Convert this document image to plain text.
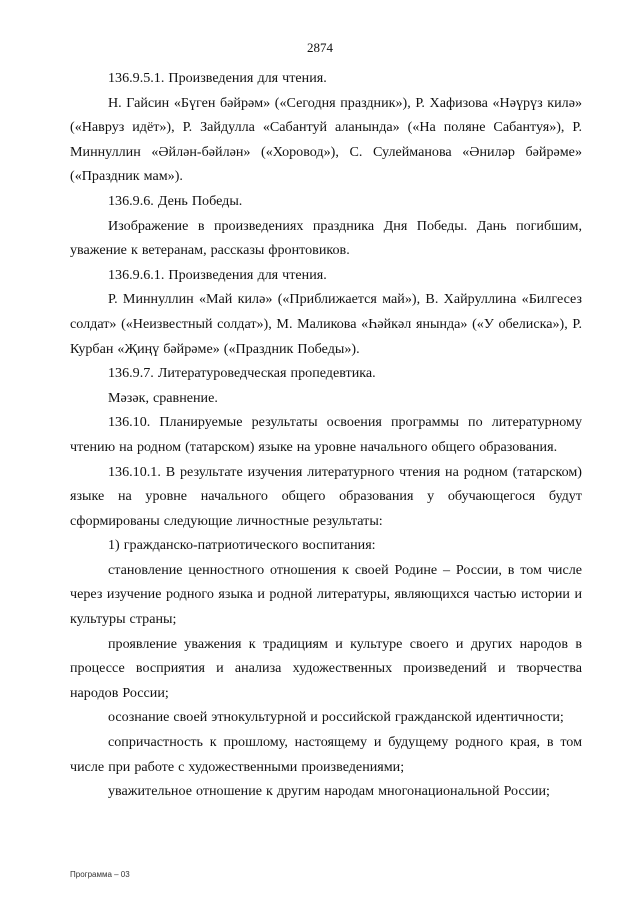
2874

136.9.5.1. Произведения для чтения.

Н. Гайсин «Бүген бәйрәм» («Сегодня праздник»), Р. Хафизова «Нәүрүз килә» («Навруз идёт»), Р. Зайдулла «Сабантуй аланында» («На поляне Сабантуя»), Р. Миннуллин «Әйлән-бәйлән» («Хоровод»), С. Сулейманова «Әниләр бәйрәме» («Праздник мам»).

136.9.6. День Победы.

Изображение в произведениях праздника Дня Победы. Дань погибшим, уважение к ветеранам, рассказы фронтовиков.

136.9.6.1. Произведения для чтения.

Р. Миннуллин «Май килә» («Приближается май»), В. Хайруллина «Билгесез солдат» («Неизвестный солдат»), М. Маликова «Һәйкәл янында» («У обелиска»), Р. Курбан «Җиңү бәйрәме» («Праздник Победы»).

136.9.7. Литературоведческая пропедевтика.

Мәзәк, сравнение.

136.10. Планируемые результаты освоения программы по литературному чтению на родном (татарском) языке на уровне начального общего образования.

136.10.1. В результате изучения литературного чтения на родном (татарском) языке на уровне начального общего образования у обучающегося будут сформированы следующие личностные результаты:

1) гражданско-патриотического воспитания:

становление ценностного отношения к своей Родине – России, в том числе через изучение родного языка и родной литературы, являющихся частью истории и культуры страны;

проявление уважения к традициям и культуре своего и других народов в процессе восприятия и анализа художественных произведений и творчества народов России;

осознание своей этнокультурной и российской гражданской идентичности;

сопричастность к прошлому, настоящему и будущему родного края, в том числе при работе с художественными произведениями;

уважительное отношение к другим народам многонациональной России;

Программа – 03
